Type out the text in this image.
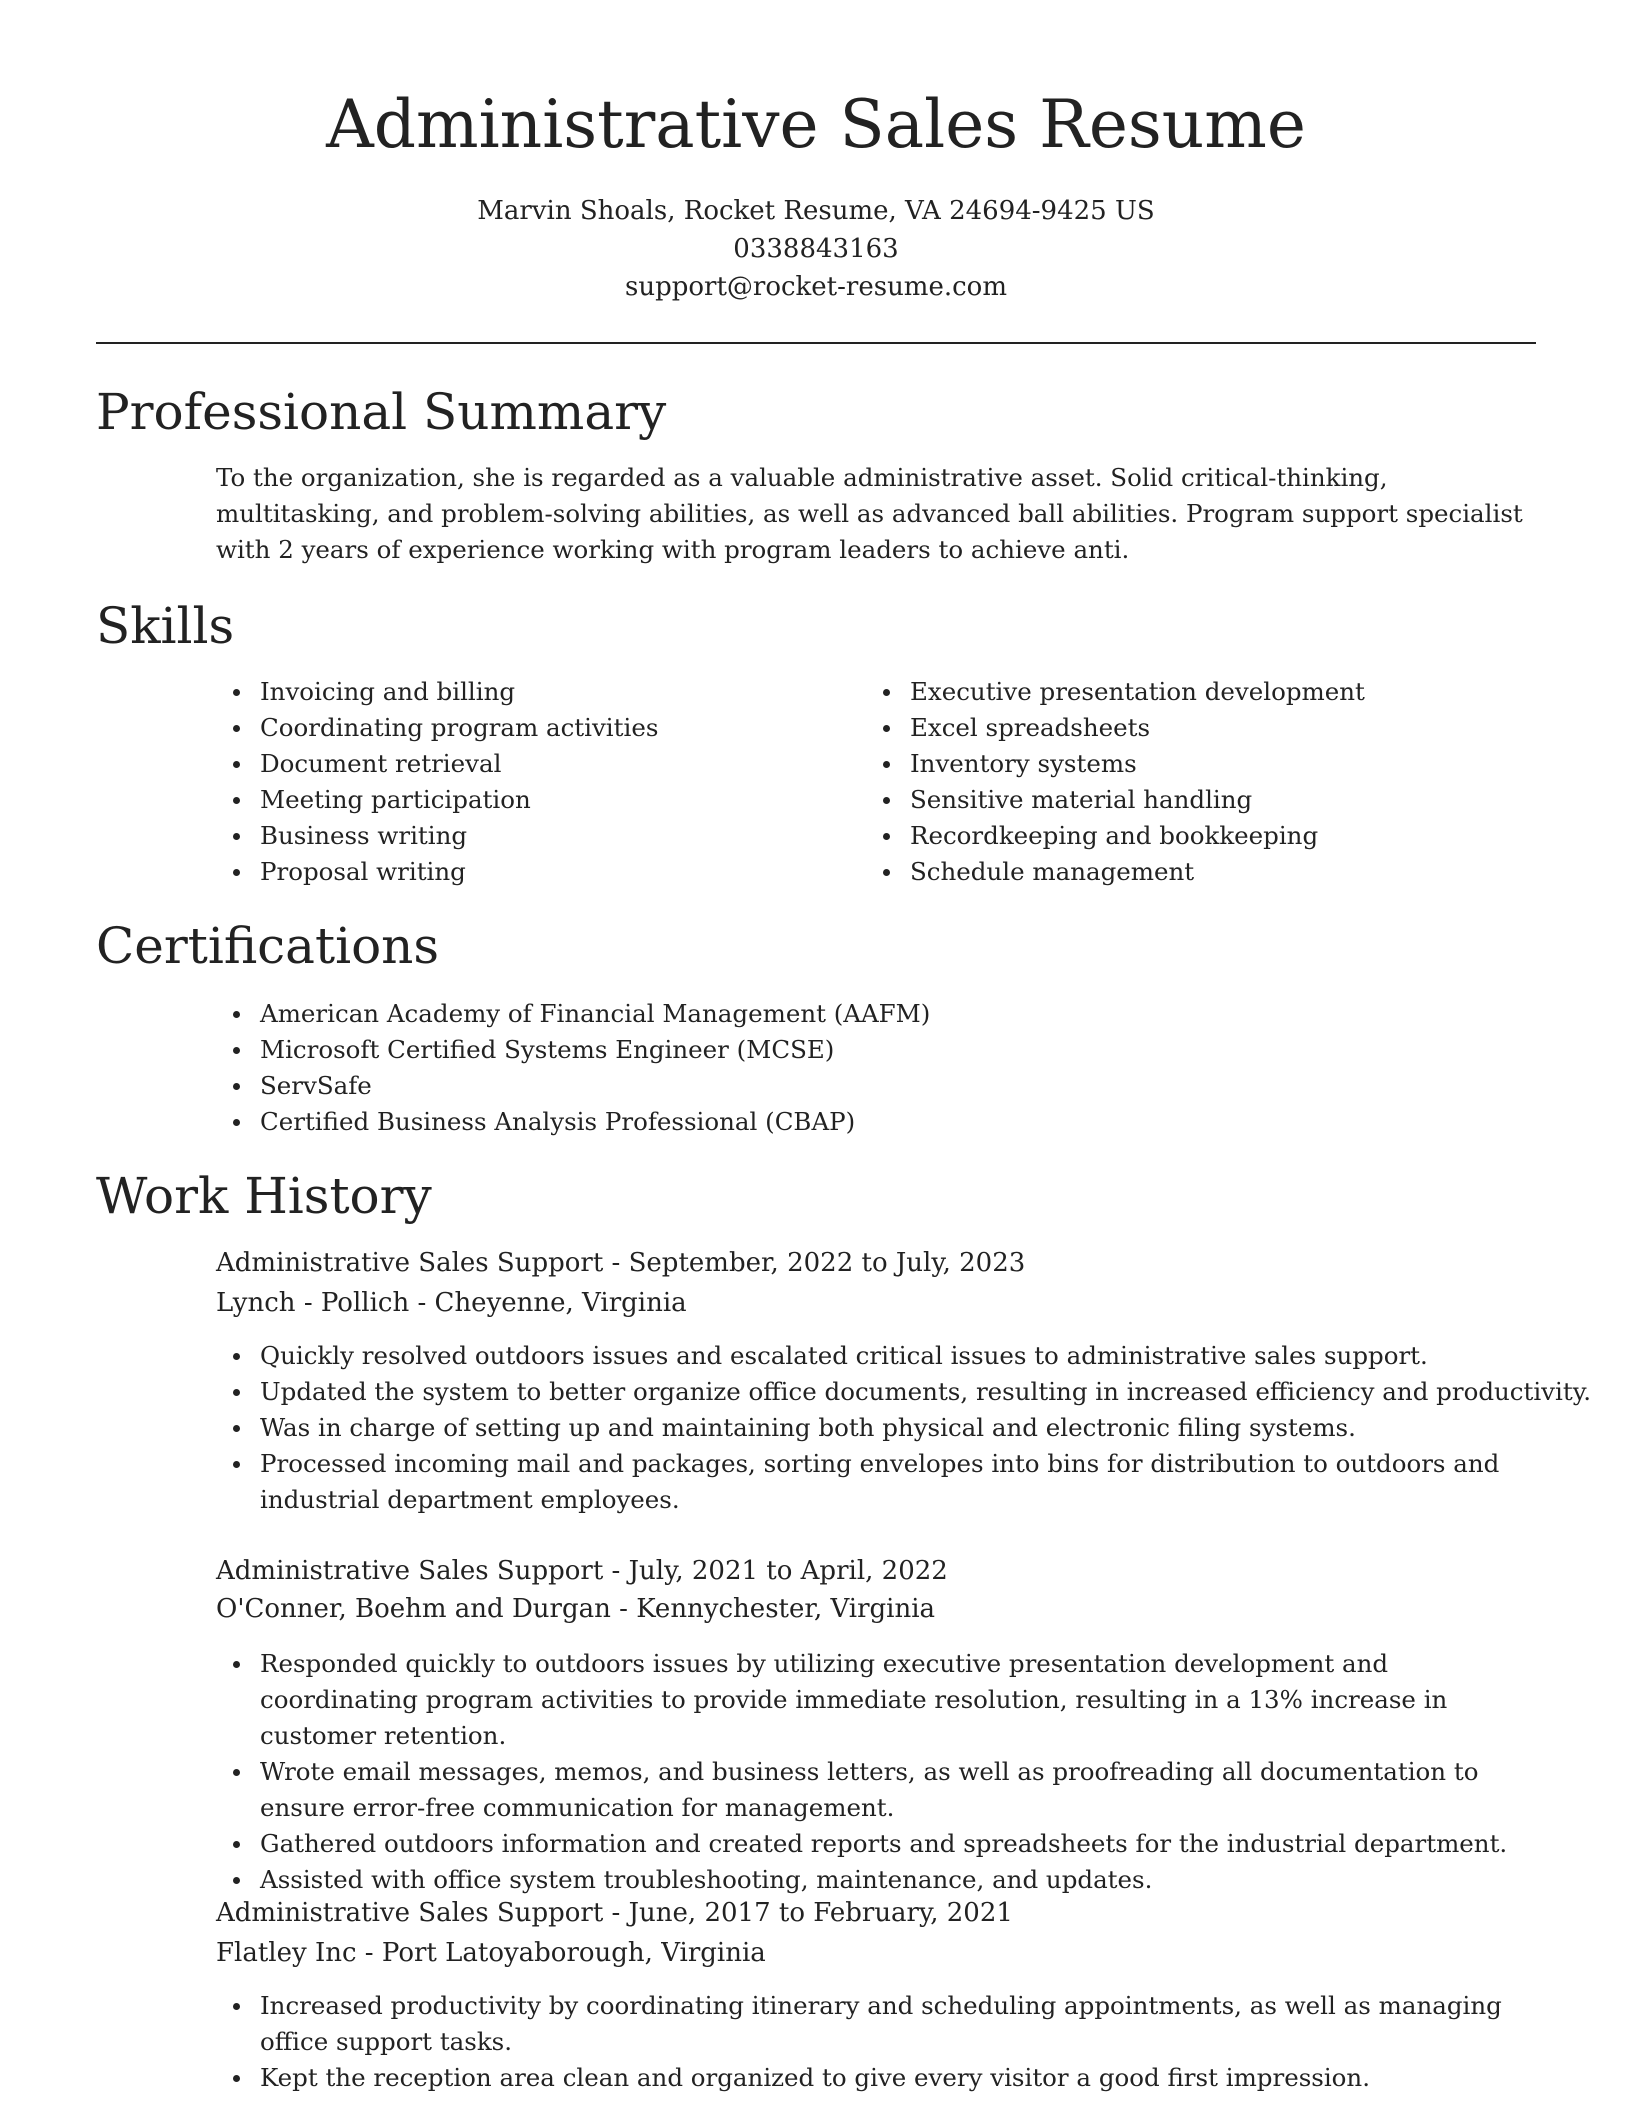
Administrative Sales Resume
Marvin Shoals, Rocket Resume, VA 24694-9425 US
0338843163
support@rocket-resume.com
Professional Summary

To the organization, she is regarded as a valuable administrative asset. Solid critical-thinking, multitasking, and problem-solving abilities, as well as advanced ball abilities. Program support specialist with 2 years of experience working with program leaders to achieve anti.

Skills
Invoicing and billing
Coordinating program activities
Document retrieval
Meeting participation
Business writing
Proposal writing
Executive presentation development
Excel spreadsheets
Inventory systems
Sensitive material handling
Recordkeeping and bookkeeping
Schedule management
Certifications
American Academy of Financial Management (AAFM)
Microsoft Certified Systems Engineer (MCSE)
ServSafe
Certified Business Analysis Professional (CBAP)
Work History
Administrative Sales Support - September, 2022 to July, 2023
Lynch - Pollich - Cheyenne, Virginia
Quickly resolved outdoors issues and escalated critical issues to administrative sales support.
Updated the system to better organize office documents, resulting in increased efficiency and productivity.
Was in charge of setting up and maintaining both physical and electronic filing systems.
Processed incoming mail and packages, sorting envelopes into bins for distribution to outdoors and industrial department employees.
Administrative Sales Support - July, 2021 to April, 2022
O'Conner, Boehm and Durgan - Kennychester, Virginia
Responded quickly to outdoors issues by utilizing executive presentation development and coordinating program activities to provide immediate resolution, resulting in a 13% increase in customer retention.
Wrote email messages, memos, and business letters, as well as proofreading all documentation to ensure error-free communication for management.
Gathered outdoors information and created reports and spreadsheets for the industrial department.
Assisted with office system troubleshooting, maintenance, and updates.
Administrative Sales Support - June, 2017 to February, 2021
Flatley Inc - Port Latoyaborough, Virginia
Increased productivity by coordinating itinerary and scheduling appointments, as well as managing office support tasks.
Kept the reception area clean and organized to give every visitor a good first impression.
